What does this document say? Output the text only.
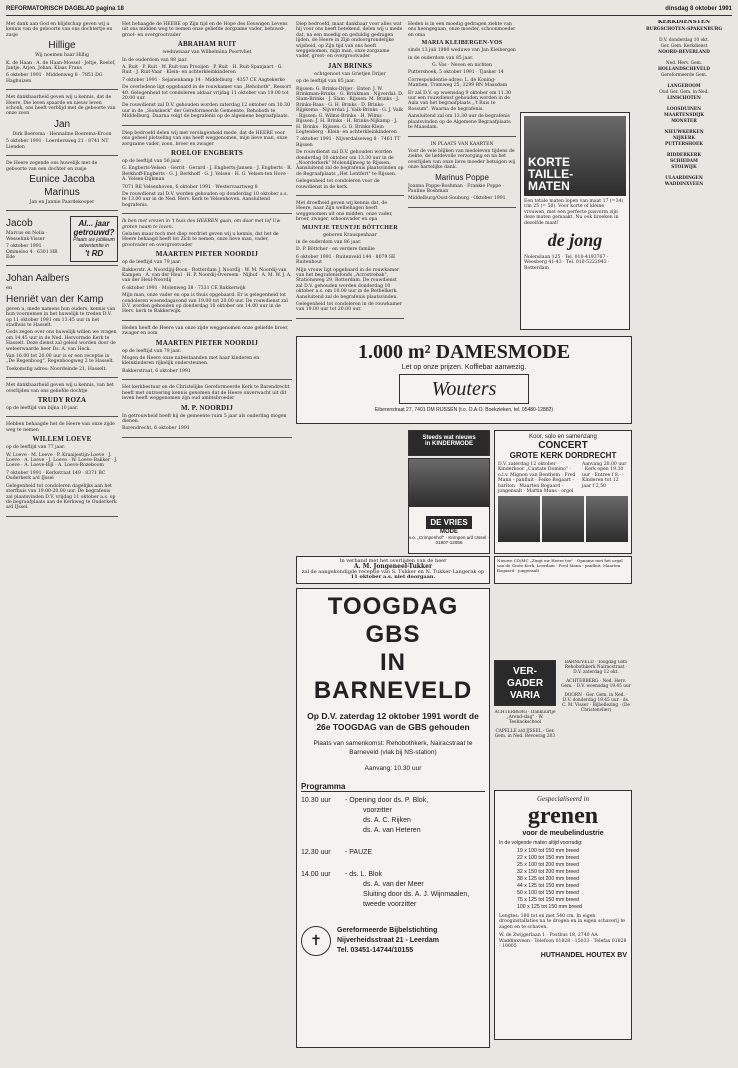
REFORMATORISCH DAGBLAD pagina 18	dinsdag 8 oktober 1991

Met dank aan God en blijdschap geven wij u kennis van de geboorte van ons dochtertje en zusje

Hillige

Wij noemen haar Hillig

K. de Haan · A. de Haan-Mossel · Jeltje, Roelof, Jantje, Arjen, Johan, Klaas Frans

6 oktober 1991 · Middenweg 8 · 7851 DG Haghuizen

Met dankbaarheid geven wij u kennis, dat de Heere, Die leven spaarde en nieuw leven schonk, ons heeft verblijd met de geboorte van onze zoon

Jan

Dirk Boerema · Hennaline Boerema-Kroon

5 oktober 1991 · Loerdersweg 21 · 8741 NT Lienden

De Heere zegende ons huwelijk met de geboorte van een dochter en zusje

Eunice Jacoba
Marinus

Jan en Jannie Paardekooper

Jacob

Marcus en Nelia · Wesselink-Visser

7 oktober 1991 · Ommeloo 4 · 6301 HB Ede

Al... jaar getrouwd?
Plaats uw jubileum advertentie in
't RD
Johan Aalbers
en
Henriët van der Kamp

geven u, mede namens hun ouders, kennis van hun voornemen in het huwelijk te treden D.V. op 11 oktober 1991 om 13.45 uur in het stadhuis te Hasselt.

Gods zegen over ons huwelijk willen we vragen om 14.45 uur in de Ned. Hervormde Kerk te Hasselt. Deze dienst zal geleid worden door de weleerwaarde heer Ds. A. van Heck.

Van 16.00 tot 20.00 uur is er een receptie in „De Regenboog", Regenboogweg 2 te Hasselt.

Toekomstig adres: Noordeinde 21, Hasselt.

Met dankbaarheid geven wij u kennis, van het overlijden van ons geliefde dochtje

TRUDY ROZA

op de leeftijd van bijna 10 jaar.

Hebben behaagde het de Heere van onze zijde weg te nemen

WILLEM LOEVE

op de leeftijd van 77 jaar.

W. Loeve · M. Loeve · P. Kraaijestijn-Loeve · J. Loeve · A. Loeve · J. Loeve · W. Loeve-Bakker · J. Loeve · A. Loeve-Bijl · A. Loeve-Rozeboom

7 oktober 1991 · Kerkstraat 149 · 8371 BC Ouderkerk a/d IJssel

Gelegenheid tot condoleren dagelijks aan het sterfhuis van 19.00-20.00 uur. De begrafenis zal plaatsvinden D.V. vrijdag 11 oktober a.s. op de begraafplaats aan de Kerkweg te Ouderkerk a/d IJssel.

Het behaagde de HEERE op Zijn tijd en de Hope des Eeuwigen Levens uit ons midden weg te nemen onze geliefde zorgzame vader, behuwd-, groot- en overgrootvader

ABRAHAM RUIT

weduwnaar van Wilhelmina Poortvliet

In de ouderdom van 88 jaar.

A. Ruit · P. Ruit · W. Ruit-van Prooijen · P. Ruit · H. Ruit-Spanjaart · G. Ruit · J. Ruit-Vaar · Klein- en achterkleinkinderen

7 oktober 1991 · Sejanenkamp 14 · Middelburg · 4357 CE Aagtekerke

De overledene ligt opgebaard in de rouwkamer van „Rehoboth", Ressort 40. Gelegenheid tot condoleren aldaar vrijdag 11 oktober van 19.00 tot 20.00 uur.

De rouwdienst zal D.V. gehouden worden zaterdag 12 oktober om 10.30 uur in de „Sionskerk" der Gereformeerde Gemeente, Rehoboth te Middelburg. Daarna volgt de begrafenis op de algemene begraafplaats.

Diep bedroefd delen wij met verslagenheid mede, dat de HEERE voor ons geheel plotseling van ons heeft weggenomen, mijn lieve man, onze zorgzame vader, zoon, broer en zwager

ROELOF ENGBERTS

op de leeftijd van 56 jaar.

G. Engberts-Velsen · Gerrit · Gerard · J. Engberts-Jansen · J. Engberts · R. Berkhoff-Engberts · G. J. Berkhoff · G. J. Velsen · H. G. Velsen-ten Hove · A. Velsen-Dijkman

7071 RE Velsenhoven, 6 oktober 1991 · Westervaartweg 8

De rouwdienst zal D.V. worden gehouden op donderdag 10 oktober a.s. te 13.00 uur in de Ned. Herv. Kerk te Velsenhoven. Aansluitend begrafenis.

Ik ben met vrezen in 't huis des HEEREN gaan, om daar met lof Uw groten naam te loven.

Gelaten maar toch met diep verdriet geven wij u kennis, dat het de Heere behaagd heeft tot Zich te nemen, onze lieve man, vader, grootvader en overgrootvader

MAARTEN PIETER NOORDIJ

op de leeftijd van 79 jaar.

Bakkerstr. A. Noordijij-Boon · Rotterdam J. Noordij · W. M. Noordij-van Kampen · A. van der Heul · H. P. Noordij-Overeem · Nijhof · A. M. W. J. A. van der Heul-Noordij

6 oktober 1991 · Molenweg 38 · 7331 CE Bakkerwijk

Mijn man, onze vader en opa is thuis opgebaard. Er is gelegenheid tot condoleren woensdagavond van 19.00 tot 20.00 uur. De rouwdienst zal D.V. worden gehouden op donderdag 10 oktober om 14.00 uur in de Herv. kerk te Bakkerwijk.

Heden heeft de Heere van onze zijde weggenomen onze geliefde broer, zwager en oom

MAARTEN PIETER NOORDIJ

op de leeftijd van 79 jaar.

Mogen de Heere onze nabestaanden met haar kinderen en kleinkinderen rijkelijk ondersteunen.

Bakkerstraat, 6 oktober 1991

Het kerkbestuur en de Christelijke Gereformeerde Kerk te Barendrecht heeft met ontroering kennis genomen dat de Heere onverwacht uit dit leven heeft weggenomen zijn oud ambtsbroeder

M. P. NOORDIJ

In getrouwheid heeft hij de gemeente ruim 5 jaar als ouderling mogen dienen.

Barendrecht, 6 oktober 1991

Diep bedroefd, maar dankbaar voor alles wat hij voor ons heeft betekend, delen wij u mede dat, na een moedig en geduldig gedragen lijden, de Heere in Zijn ondoorgrondelijke wijsheid, op Zijn tijd van ons heeft weggenomen, mijn man, onze zorgzame vader, groot- en overgrootvader

JAN BRINKS

echtgenoot van Grietjen Drijer

op de leeftijd van 85 jaar.

Rijssen: G. Brinks-Drijer · Enter: J. W. Brinkman-Brinks · G. Brinkman · Nijverdal: D. Slam-Brinks · J. Slam · Rijssen: M. Brinks · J. Brinks-Baas · G. H. Brinks · D. Brinks-Rijpkema · Nijverdal: J. Valk-Brinks · G. J. Valk · Rijssen: G. Wilms-Brinks · H. Wilms · Rijssen: J. H. Brinks · H. Brinks-Nijkamp · J. H. Brinks · Rijssen: G. G. Brinks-Klein Legtenberg · Klein- en achterkleinkinderen

7 oktober 1991 · Nijverdalseweg 8 · 7461 TT Rijssen

De rouwdienst zal D.V. gehouden worden donderdag 10 oktober om 13.30 uur in de „Noorderkerk" Molendijkweg te Rijssen. Aansluitend zal de begrafenis plaatsvinden op de Begraafplaats „Het Lentfert" te Rijssen.

Gelegenheid tot condoleren voor de rouwdienst in de kerk.

Met droefheid geven wij kennis dat, de Heere, naar Zijn welbehagen heeft weggenomen uit ons midden, onze vader, broer, zwager, schoonvader en opa

MIJNTJE TEUNTJE BÖTTCHER

geboren Krauspenhaar

in de ouderdom van 86 jaar.

D. P. Böttcher · en verdere familie

6 oktober 1991 · Ruitenveld 144 · 8079 SE Ruitenhout

Mijn vrouw ligt opgebaard in de rouwkamer van het begrafenisfonds „Acrostrebak", Stationsweg 29, Rotterdam. De rouwdienst zal D.V. gehouden worden donderdag 10 oktober a.s. om 10.00 uur in de Bethelkerk. Aansluitend zal de begrafenis plaatsvinden.

Gelegenheid tot condoleren in de rouwkamer van 19.00 uur tot 20.00 uur.

Heden is in een moedig gedragen ziekte van ons heengegaan, onze moeder, schoonmoeder en oma

MARIA KLEIBERGEN-VOS

sinds 13 juli 1980 weduwe van Jan Kleibergen

in de ouderdom van 85 jaar.

G. Vos · Neven en nichten

Puttershoek, 5 oktober 1991 · Tjasker 14

Correspondentie-adres: L. de Koning-Mantien, Tramweg 25, 3299 BN Maasdam

Er zal D.V. op woensdag 9 oktober om 11.30 uur een rouwdienst gehouden worden in de Aula van het begraafplaats „'t Ruis te Rossum". Waarna de begrafenis.

Aansluitend zal om 13.30 uur de begrafenis plaatsvinden op de Algemene Begraafplaats te Maasdam.

IN PLAATS VAN KAARTEN

Voor de vele blijken van medeleven tijdens de ziekte, de liefdevolle verzorging en na het overlijden van onze lieve moeder betuigen wij onze hartelijke dank.

Marinus Poppe

Joanna Poppe-Boshman · Frankie Poppe · Pauline Boshman

Middelburg/Oost-Souburg · Oktober 1991

KORTE TAILLE-MATEN

Een totale maten lopen van maat 17 (=34) t/m 25 (= 50). Voor korte of kleine vrouwen, met een perfecte pasvorm zijn deze maten gemaakt. Nu ook broeken in dezelfde maat!

de jong

Nolenslaan 125 · Tel. 010-4193767 · Weesberg 41-43 · Tel. 010-5222943 · Rotterdam

KERKDIENSTEN
BURGSCHOTEN-SPAKENBURG
D.V. donderdag 10 okt.
Ger. Gem. Kerkdienst
NOORD-BEVERLAND
Ned. Herv. Gem.
HOLLANDSCHEVELD
Gereformeerde Gem.
LANGEBOOM
Oud Ger. Gem. in Ned.
LINSCHOTEN
LOOSDUINEN
MAARTENSDIJK
MONSTER
NIEUWKERKEN
NIJKERK
PUTTERSHOEK
RIDDERKERK
SCHIEDAM
STOLWIJK
ULAARDINGEN
WADDINXVEEN
1.000 m² DAMESMODE
Let op onze prijzen. Koffiebar aanwezig.
Wouters
Eiberenstraat 27, 7401 DM RIJSSEN (t.o. O.A.O. Boekzieken, tel. 05480-12882)
Steeds wat nieuws
in KINDERMODE
DE VRIES
MODE
v.o. „Crimpenhof" · Krimpen a/d IJssel · 01807-12656
Koor, solo en samenzang
CONCERT
GROTE KERK DORDRECHT

D.V. zaterdag 12 oktober · Kinderkoor „Cantate Domino" · o.l.v. Mignon van Benthem · Fred Mann - panfluit · Feike Bogaart - bariton · Maarten Bogaard - jongensalt · Martin Mans - orgel

Aanvang 20.00 uur · Kerk open 19.30 uur · Entree f 8.- · Kinderen tot 12 jaar f 2,50

Nieuwe CD/MC „Zingt uw Heere toe" · Opname met het orgel van de Grote Kerk, Leerdam · Fred Mann - panfluit, Maarten Bogaard - jongensalt
In verband met het overlijden van de heer
A. M. Jongeneel-Tukker
zal de aangekondigde receptie van S. Tukker en N. Tukker-Langerak op
11 oktober a.s. niet doorgaan.
TOOGDAG GBS
IN BARNEVELD
Op D.V. zaterdag 12 oktober 1991 wordt de 26e TOOGDAG van de GBS gehouden
Plaats van samenkomst: Rehobothkerk, Nairacstraat te Barneveld (vlak bij NS-station)
Aanvang: 10.30 uur
Programma
10.30 uur	- Opening door ds. P. Blok,
voorzitter
ds. A. C. Rijken
ds. A. van Heteren
12.30 uur	- PAUZE
14.00 uur	- ds. L. Blok
ds. A. van der Meer
Sluiting door ds. A. J. Wijnmaalen, tweede voorzitter
✝
Gereformeerde Bijbelstichting
Nijverheidsstraat 21 - Leerdam
Tel. 03451-14744/10155
VER-
GADER
VARIA
BARNEVELD · Toogdag GBS Rehobothkerk Nairacstraat · D.V. zaterdag 12 okt.
ACHTERBERG · Ned. Herv. Gem. · D.V. woensdag 19.45 uur
DOORN · Ger. Gem. in Ned. · D.V. donderdag 19.45 uur · ds. C. M. Visser · Bijbellezing · (De Christenvlier)
ACHTERBERG · Dankuurtje „Arend-slag" · W. Teelinckschool
CAPELLE a/d IJSSEL · Ger. Gem. in Ned. Bevoerag 203
Gespecialiseerd in
grenen
voor de meubelindustrie
In de volgende maten altijd voorradig:
19 x 100 tot 150 mm breed
22 x 100 tot 150 mm breed
25 x 100 tot 200 mm breed
32 x 150 tot 200 mm breed
38 x 125 tot 200 mm breed
44 x 125 tot 150 mm breed
50 x 100 tot 150 mm breed
75 x 125 tot 150 mm breed
100 x 125 tot 150 mm breed

Lengtes: 180 tot en met 540 cm. In eigen drooginstallaties na te drogen en in eigen schaverij te zagen en te schaven.

W. de Zwijgerlaan 1 · Postbus 18, 2740 AA Waddinxveen · Telefoon 01828 - 15033 · Telefax 01828 - 10005

HUTHANDEL HOUTEX BV
